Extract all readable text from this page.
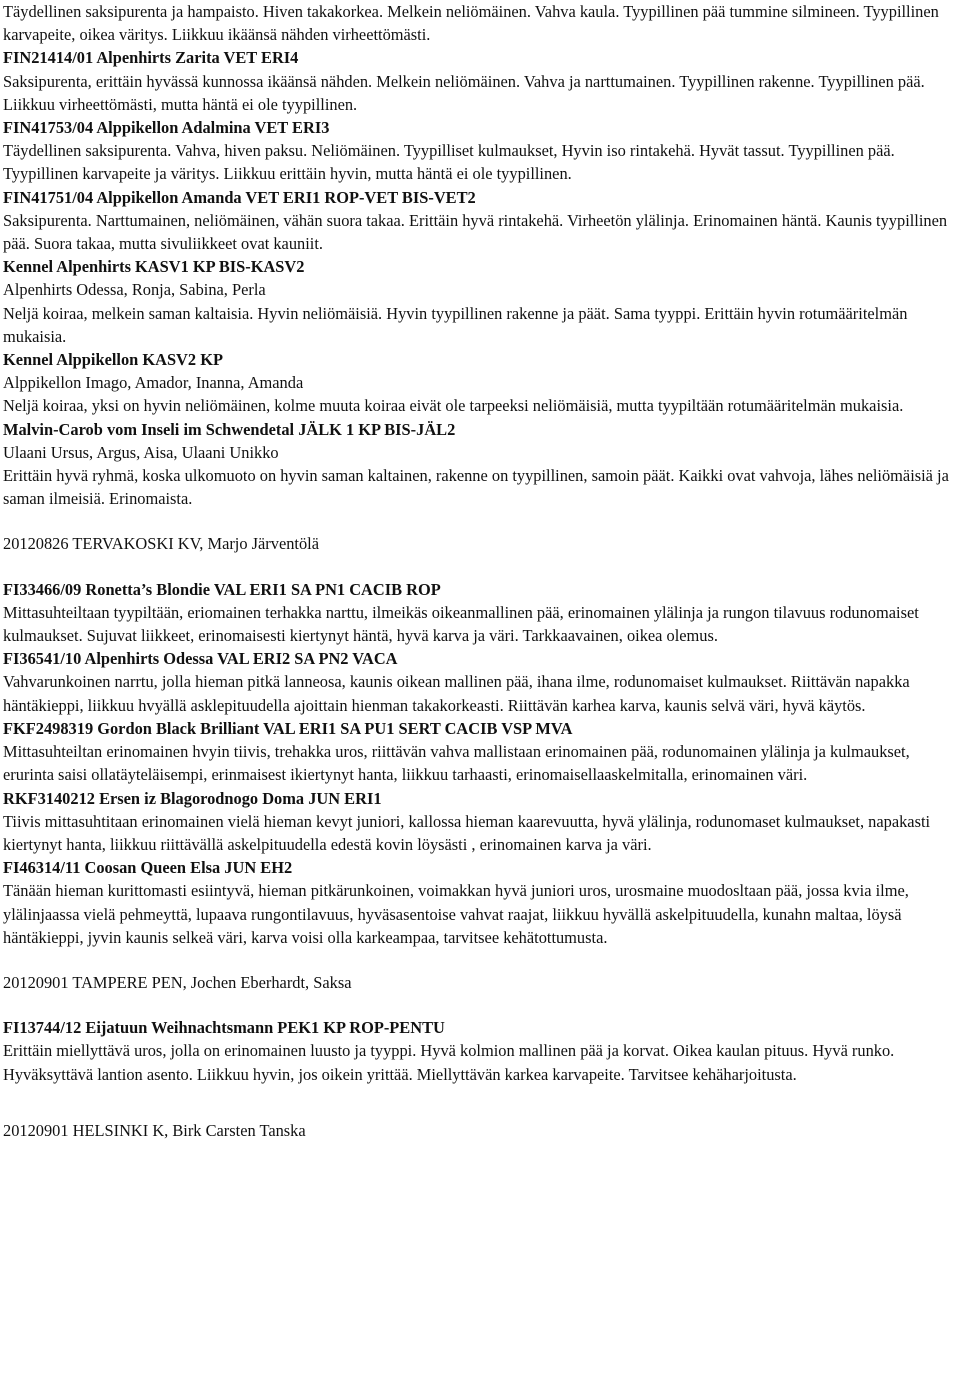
Täydellinen saksipurenta ja hampaisto. Hiven takakorkea. Melkein neliömäinen. Vahva kaula. Tyypillinen pää tummine silmineen. Tyypillinen karvapeite, oikea väritys. Liikkuu ikäänsä nähden virheettömästi.

FIN21414/01 Alpenhirts Zarita VET ERI4

Saksipurenta, erittäin hyvässä kunnossa ikäänsä nähden. Melkein neliömäinen. Vahva ja narttumainen. Tyypillinen rakenne. Tyypillinen pää. Liikkuu virheettömästi, mutta häntä ei ole tyypillinen.

FIN41753/04 Alppikellon Adalmina VET ERI3

Täydellinen saksipurenta. Vahva, hiven paksu. Neliömäinen. Tyypilliset kulmaukset, Hyvin iso rintakehä. Hyvät tassut. Tyypillinen pää. Tyypillinen karvapeite ja väritys. Liikkuu erittäin hyvin, mutta häntä ei ole tyypillinen.

FIN41751/04 Alppikellon Amanda VET ERI1 ROP-VET BIS-VET2

Saksipurenta. Narttumainen, neliömäinen, vähän suora takaa. Erittäin hyvä rintakehä. Virheetön ylälinja. Erinomainen häntä. Kaunis tyypillinen pää. Suora takaa, mutta sivuliikkeet ovat kauniit.

Kennel Alpenhirts KASV1 KP BIS-KASV2

Alpenhirts Odessa, Ronja, Sabina, Perla

Neljä koiraa, melkein saman kaltaisia. Hyvin neliömäisiä. Hyvin tyypillinen rakenne ja päät. Sama tyyppi. Erittäin hyvin rotumääritelmän mukaisia.

Kennel Alppikellon KASV2 KP

Alppikellon Imago, Amador, Inanna, Amanda

Neljä koiraa, yksi on hyvin neliömäinen, kolme muuta koiraa eivät ole tarpeeksi neliömäisiä, mutta tyypiltään rotumääritelmän mukaisia.

Malvin-Carob vom Inseli im Schwendetal JÄLK 1 KP BIS-JÄL2

Ulaani Ursus, Argus, Aisa, Ulaani Unikko

Erittäin hyvä ryhmä, koska ulkomuoto on hyvin saman kaltainen, rakenne on tyypillinen, samoin päät. Kaikki ovat vahvoja, lähes neliömäisiä ja saman ilmeisiä. Erinomaista.

20120826 TERVAKOSKI KV, Marjo Järventölä

FI33466/09 Ronetta’s Blondie VAL ERI1 SA PN1 CACIB ROP

Mittasuhteiltaan tyypiltään, eriomainen terhakka narttu, ilmeikäs oikeanmallinen pää, erinomainen ylälinja ja rungon tilavuus rodunomaiset kulmaukset. Sujuvat liikkeet, erinomaisesti kiertynyt häntä, hyvä karva ja väri. Tarkkaavainen, oikea olemus.

FI36541/10 Alpenhirts Odessa VAL ERI2 SA PN2 VACA

Vahvarunkoinen narrtu, jolla hieman pitkä lanneosa, kaunis oikean mallinen pää, ihana ilme, rodunomaiset kulmaukset. Riittävän napakka häntäkieppi, liikkuu hvyällä asklepituudella ajoittain hienman takakorkeasti. Riittävän karhea karva, kaunis selvä väri, hyvä käytös.

FKF2498319 Gordon Black Brilliant VAL ERI1 SA PU1 SERT CACIB VSP MVA

Mittasuhteiltan erinomainen hvyin tiivis, trehakka uros, riittävän vahva mallistaan erinomainen pää, rodunomainen ylälinja ja kulmaukset, erurinta saisi ollatäyteläisempi, erinmaisest ikiertynyt hanta, liikkuu tarhaasti, erinomaisellaaskelmitalla, erinomainen väri.

RKF3140212 Ersen iz Blagorodnogo Doma JUN ERI1

Tiivis mittasuhtitaan erinomainen vielä hieman kevyt juniori, kallossa hieman kaarevuutta, hyvä ylälinja, rodunomaset kulmaukset, napakasti kiertynyt hanta, liikkuu riittävällä askelpituudella edestä kovin löysästi , erinomainen karva ja väri.

FI46314/11 Coosan Queen Elsa JUN EH2

Tänään hieman kurittomasti esiintyvä, hieman pitkärunkoinen, voimakkan hyvä juniori uros, urosmaine muodosltaan pää, jossa kvia ilme, ylälinjaassa vielä pehmeyttä, lupaava rungontilavuus, hyväsasentoise vahvat raajat, liikkuu hyvällä askelpituudella, kunahn maltaa, löysä häntäkieppi, jyvin kaunis selkeä väri, karva voisi olla karkeampaa, tarvitsee kehätottumusta.

20120901 TAMPERE PEN, Jochen Eberhardt, Saksa

FI13744/12 Eijatuun Weihnachtsmann PEK1 KP ROP-PENTU

Erittäin miellyttävä uros, jolla on erinomainen luusto ja tyyppi. Hyvä kolmion mallinen pää ja korvat. Oikea kaulan pituus. Hyvä runko. Hyväksyttävä lantion asento. Liikkuu hyvin, jos oikein yrittää. Miellyttävän karkea karvapeite. Tarvitsee kehäharjoitusta.

20120901 HELSINKI K, Birk Carsten Tanska
